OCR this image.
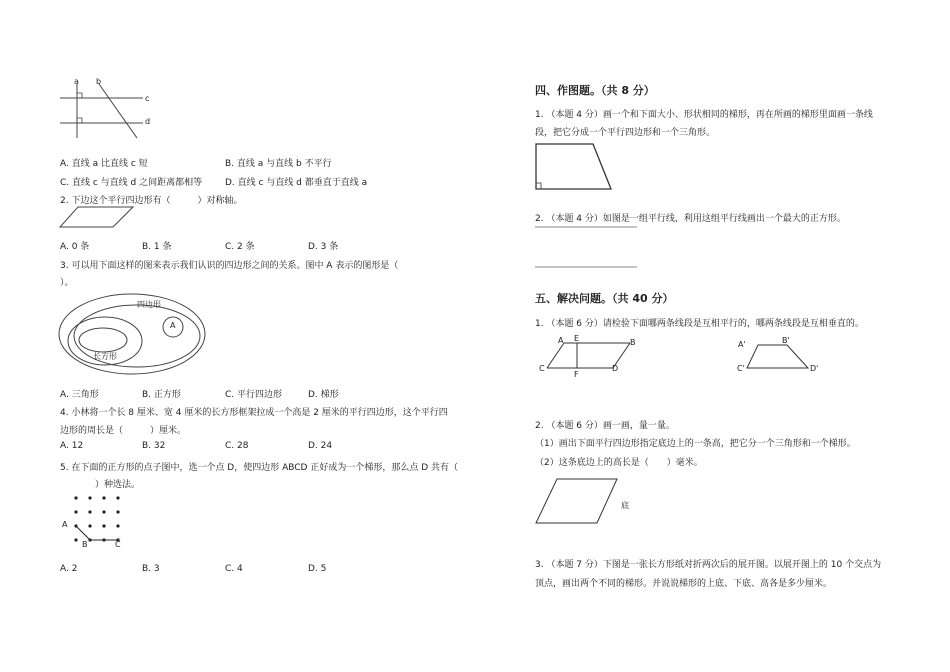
a b
c
d
A. 直线 a 比直线 c 短	B. 直线 a 与直线 b 不平行
C. 直线 c 与直线 d 之间距离都相等	D. 直线 c 与直线 d 都垂直于直线 a
2. 下边这个平行四边形有（　　　）对称轴。
A. 0 条	B. 1 条	C. 2 条	D. 3 条
3. 可以用下面这样的图来表示我们认识的四边形之间的关系。图中 A 表示的图形是（
）。
四边形
A
长方形
A. 三角形	B. 正方形	C. 平行四边形	D. 梯形
4. 小林将一个长 8 厘米、宽 4 厘米的长方形框架拉成一个高是 2 厘米的平行四边形，这个平行四
边形的周长是（　　　）厘米。
A. 12	B. 32	C. 28	D. 24
5. 在下面的正方形的点子图中，选一个点 D，使四边形 ABCD 正好成为一个梯形，那么点 D 共有（
）种选法。
A
B	C
A. 2	B. 3	C. 4	D. 5
四、作图题。（共 8 分）
1. （本题 4 分）画一个和下面大小、形状相同的梯形，再在所画的梯形里面画一条线
段，把它分成一个平行四边形和一个三角形。
2. （本题 4 分）如图是一组平行线，利用这组平行线画出一个最大的正方形。
五、解决问题。（共 40 分）
1. （本题 6 分）请检验下面哪两条线段是互相平行的，哪两条线段是互相垂直的。
A E	B
C
F
D
A'	B'
C'	D'
2. （本题 6 分）画一画，量一量。
（1）画出下面平行四边形指定底边上的一条高，把它分一个三角形和一个梯形。
（2）这条底边上的高长是（　　）毫米。
底
3. （本题 7 分）下图是一张长方形纸对折两次后的展开图。以展开图上的 10 个交点为
顶点，画出两个不同的梯形。并说说梯形的上底、下底、高各是多少厘米。
